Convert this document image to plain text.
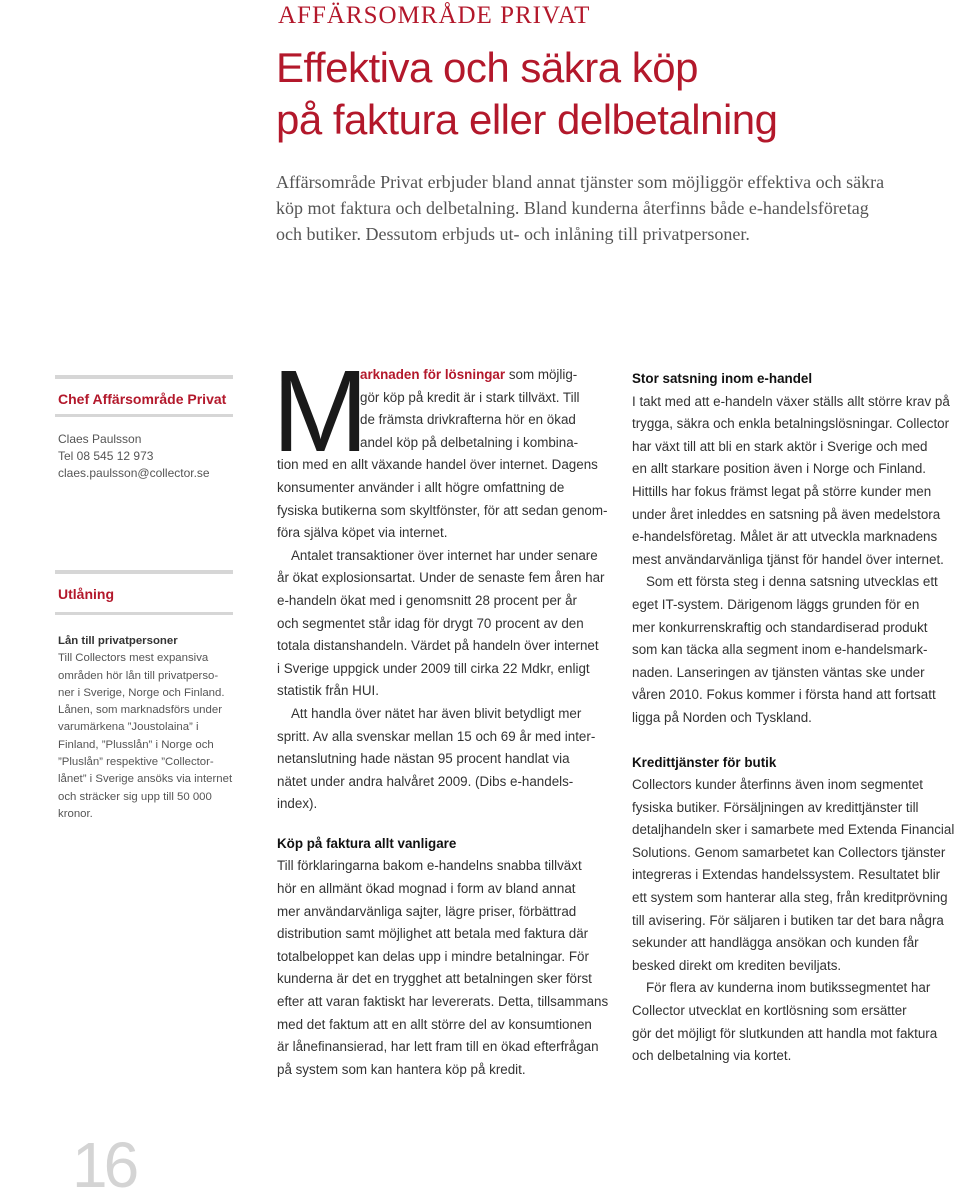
AFFÄRSOMRÅDE PRIVAT
Effektiva och säkra köp
på faktura eller delbetalning

Affärsområde Privat erbjuder bland annat tjänster som möjliggör effektiva och säkra
köp mot faktura och delbetalning. Bland kunderna återfinns både e-handelsföretag
och butiker. Dessutom erbjuds ut- och inlåning till privatpersoner.

Chef Affärsområde Privat
Claes Paulsson
Tel 08 545 12 973
claes.paulsson@collector.se
Utlåning
Lån till privatpersoner
Till Collectors mest expansiva
områden hör lån till privatperso-
ner i Sverige, Norge och Finland.
Lånen, som marknadsförs under
varumärkena ”Joustolaina” i
Finland, ”Plusslån” i Norge och
”Pluslån” respektive ”Collector-
lånet” i Sverige ansöks via internet
och sträcker sig upp till 50 000
kronor.
M
arknaden för lösningar som möjlig-
gör köp på kredit är i stark tillväxt. Till
de främsta drivkrafterna hör en ökad
andel köp på delbetalning i kombina-
tion med en allt växande handel över internet. Dagens
konsumenter använder i allt högre omfattning de
fysiska butikerna som skyltfönster, för att sedan genom-
föra själva köpet via internet.
Antalet transaktioner över internet har under senare
år ökat explosionsartat. Under de senaste fem åren har
e-handeln ökat med i genomsnitt 28 procent per år
och segmentet står idag för drygt 70 procent av den
totala distanshandeln. Värdet på handeln över internet
i Sverige uppgick under 2009 till cirka 22 Mdkr, enligt
statistik från HUI.
Att handla över nätet har även blivit betydligt mer
spritt. Av alla svenskar mellan 15 och 69 år med inter-
netanslutning hade nästan 95 procent handlat via
nätet under andra halvåret 2009. (Dibs e-handels-
index).
Köp på faktura allt vanligare
Till förklaringarna bakom e-handelns snabba tillväxt
hör en allmänt ökad mognad i form av bland annat
mer användarvänliga sajter, lägre priser, förbättrad
distribution samt möjlighet att betala med faktura där
totalbeloppet kan delas upp i mindre betalningar. För
kunderna är det en trygghet att betalningen sker först
efter att varan faktiskt har levererats. Detta, tillsammans
med det faktum att en allt större del av konsumtionen
är lånefinansierad, har lett fram till en ökad efterfrågan
på system som kan hantera köp på kredit.
Stor satsning inom e-handel
I takt med att e-handeln växer ställs allt större krav på
trygga, säkra och enkla betalningslösningar. Collector
har växt till att bli en stark aktör i Sverige och med
en allt starkare position även i Norge och Finland.
Hittills har fokus främst legat på större kunder men
under året inleddes en satsning på även medelstora
e-handelsföretag. Målet är att utveckla marknadens
mest användarvänliga tjänst för handel över internet.
Som ett första steg i denna satsning utvecklas ett
eget IT-system. Därigenom läggs grunden för en
mer konkurrenskraftig och standardiserad produkt
som kan täcka alla segment inom e-handelsmark-
naden. Lanseringen av tjänsten väntas ske under
våren 2010. Fokus kommer i första hand att fortsatt
ligga på Norden och Tyskland.
Kredittjänster för butik
Collectors kunder återfinns även inom segmentet
fysiska butiker. Försäljningen av kredittjänster till
detaljhandeln sker i samarbete med Extenda Financial
Solutions. Genom samarbetet kan Collectors tjänster
integreras i Extendas handelssystem. Resultatet blir
ett system som hanterar alla steg, från kreditprövning
till avisering. För säljaren i butiken tar det bara några
sekunder att handlägga ansökan och kunden får
besked direkt om krediten beviljats.
För flera av kunderna inom butikssegmentet har
Collector utvecklat en kortlösning som ersätter
gör det möjligt för slutkunden att handla mot faktura
och delbetalning via kortet.
16
